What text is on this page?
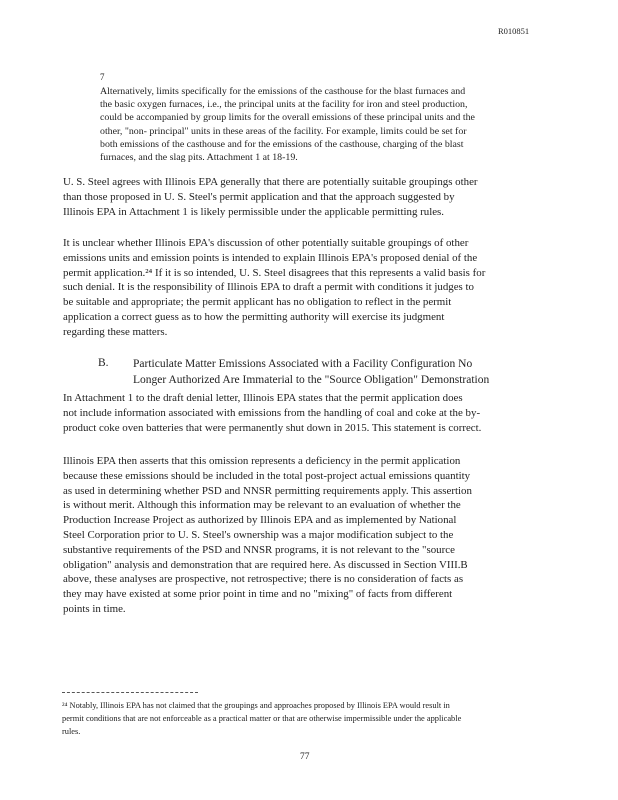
R010851
7
Alternatively, limits specifically for the emissions of the casthouse for the blast furnaces and
the basic oxygen furnaces, i.e., the principal units at the facility for iron and steel production,
could be accompanied by group limits for the overall emissions of these principal units and the
other, "non- principal" units in these areas of the facility. For example, limits could be set for
both emissions of the casthouse and for the emissions of the casthouse, charging of the blast
furnaces, and the slag pits. Attachment 1 at 18-19.
U. S. Steel agrees with Illinois EPA generally that there are potentially suitable groupings other
than those proposed in U. S. Steel's permit application and that the approach suggested by
Illinois EPA in Attachment 1 is likely permissible under the applicable permitting rules.
It is unclear whether Illinois EPA's discussion of other potentially suitable groupings of other
emissions units and emission points is intended to explain Illinois EPA's proposed denial of the
permit application.²⁴ If it is so intended, U. S. Steel disagrees that this represents a valid basis for
such denial. It is the responsibility of Illinois EPA to draft a permit with conditions it judges to
be suitable and appropriate; the permit applicant has no obligation to reflect in the permit
application a correct guess as to how the permitting authority will exercise its judgment
regarding these matters.
B. Particulate Matter Emissions Associated with a Facility Configuration No
Longer Authorized Are Immaterial to the "Source Obligation" Demonstration
In Attachment 1 to the draft denial letter, Illinois EPA states that the permit application does
not include information associated with emissions from the handling of coal and coke at the by-
product coke oven batteries that were permanently shut down in 2015. This statement is correct.
Illinois EPA then asserts that this omission represents a deficiency in the permit application
because these emissions should be included in the total post-project actual emissions quantity
as used in determining whether PSD and NNSR permitting requirements apply. This assertion
is without merit. Although this information may be relevant to an evaluation of whether the
Production Increase Project as authorized by Illinois EPA and as implemented by National
Steel Corporation prior to U. S. Steel's ownership was a major modification subject to the
substantive requirements of the PSD and NNSR programs, it is not relevant to the "source
obligation" analysis and demonstration that are required here. As discussed in Section VIII.B
above, these analyses are prospective, not retrospective; there is no consideration of facts as
they may have existed at some prior point in time and no "mixing" of facts from different
points in time.
²⁴ Notably, Illinois EPA has not claimed that the groupings and approaches proposed by Illinois EPA would result in
permit conditions that are not enforceable as a practical matter or that are otherwise impermissible under the applicable
rules.
77
